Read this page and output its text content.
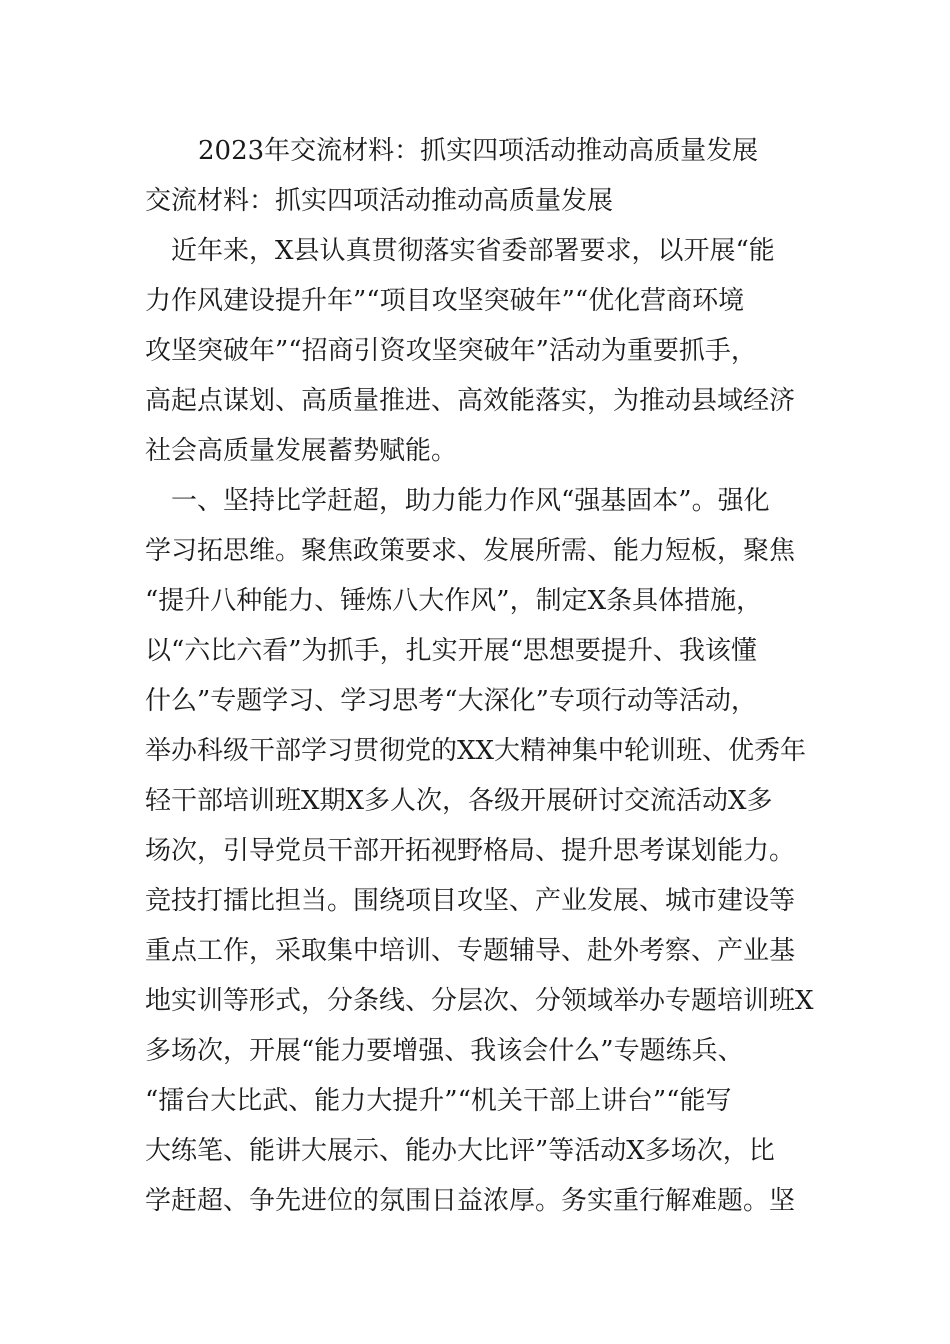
2023年交流材料：抓实四项活动推动高质量发展
交流材料：抓实四项活动推动高质量发展
　近年来，X县认真贯彻落实省委部署要求，以开展“能
力作风建设提升年”“项目攻坚突破年”“优化营商环境
攻坚突破年”“招商引资攻坚突破年”活动为重要抓手，
高起点谋划、高质量推进、高效能落实，为推动县域经济
社会高质量发展蓄势赋能。
　一、坚持比学赶超，助力能力作风“强基固本”。强化
学习拓思维。聚焦政策要求、发展所需、能力短板，聚焦
“提升八种能力、锤炼八大作风”，制定X条具体措施，
以“六比六看”为抓手，扎实开展“思想要提升、我该懂
什么”专题学习、学习思考“大深化”专项行动等活动，
举办科级干部学习贯彻党的XX大精神集中轮训班、优秀年
轻干部培训班X期X多人次，各级开展研讨交流活动X多
场次，引导党员干部开拓视野格局、提升思考谋划能力。
竞技打擂比担当。围绕项目攻坚、产业发展、城市建设等
重点工作，采取集中培训、专题辅导、赴外考察、产业基
地实训等形式，分条线、分层次、分领域举办专题培训班X
多场次，开展“能力要增强、我该会什么”专题练兵、
“擂台大比武、能力大提升”“机关干部上讲台”“能写
大练笔、能讲大展示、能办大比评”等活动X多场次，比
学赶超、争先进位的氛围日益浓厚。务实重行解难题。坚
